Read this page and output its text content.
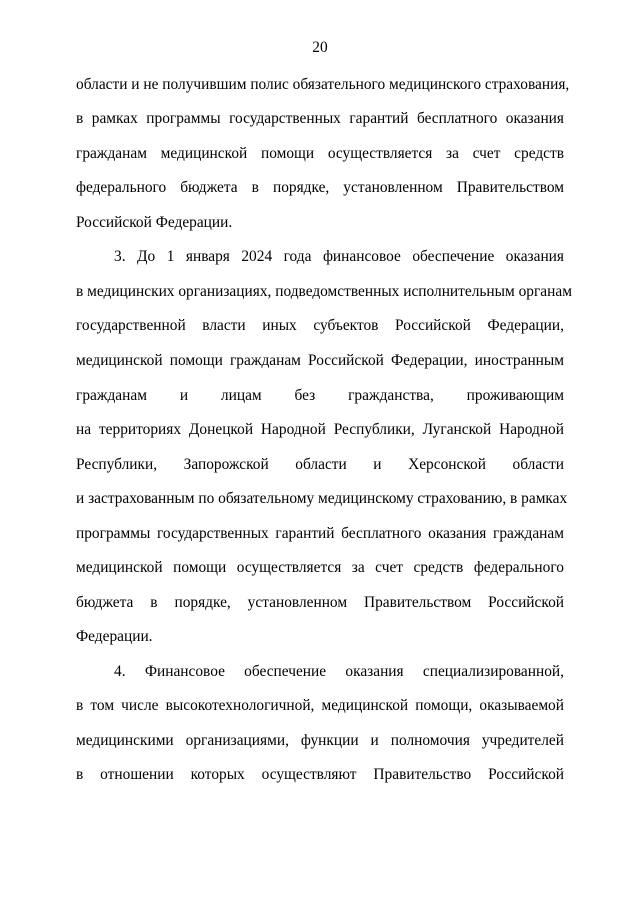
20
области и не получившим полис обязательного медицинского страхования,
в рамках программы государственных гарантий бесплатного оказания
гражданам медицинской помощи осуществляется за счет средств
федерального бюджета в порядке, установленном Правительством
Российской Федерации.
3. До 1 января 2024 года финансовое обеспечение оказания
в медицинских организациях, подведомственных исполнительным органам
государственной власти иных субъектов Российской Федерации,
медицинской помощи гражданам Российской Федерации, иностранным
гражданам и лицам без гражданства, проживающим
на территориях Донецкой Народной Республики, Луганской Народной
Республики, Запорожской области и Херсонской области
и застрахованным по обязательному медицинскому страхованию, в рамках
программы государственных гарантий бесплатного оказания гражданам
медицинской помощи осуществляется за счет средств федерального
бюджета в порядке, установленном Правительством Российской
Федерации.
4. Финансовое обеспечение оказания специализированной,
в том числе высокотехнологичной, медицинской помощи, оказываемой
медицинскими организациями, функции и полномочия учредителей
в отношении которых осуществляют Правительство Российской
